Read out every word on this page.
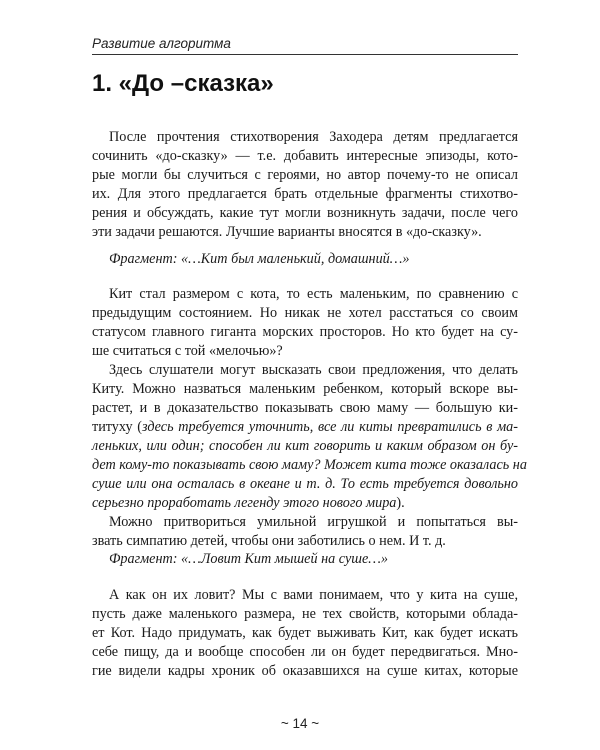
Развитие алгоритма
1. «До –сказка»
После прочтения стихотворения Заходера детям предлагается
сочинить «до-сказку» — т.е. добавить интересные эпизоды, кото-
рые могли бы случиться с героями, но автор почему-то не описал
их. Для этого предлагается брать отдельные фрагменты стихотво-
рения и обсуждать, какие тут могли возникнуть задачи, после чего
эти задачи решаются. Лучшие варианты вносятся в «до-сказку».
Фрагмент: «…Кит был маленький, домашний…»
Кит стал размером с кота, то есть маленьким, по сравнению с
предыдущим состоянием. Но никак не хотел расстаться со своим
статусом главного гиганта морских просторов. Но кто будет на су-
ше считаться с той «мелочью»?
Здесь слушатели могут высказать свои предложения, что делать
Киту. Можно назваться маленьким ребенком, который вскоре вы-
растет, и в доказательство показывать свою маму — большую ки-
титуху (здесь требуется уточнить, все ли киты превратились в ма-
леньких, или один; способен ли кит говорить и каким образом он бу-
дет кому-то показывать свою маму? Может кита тоже оказалась на
суше или она осталась в океане и т. д. То есть требуется довольно
серьезно проработать легенду этого нового мира).
Можно притвориться умильной игрушкой и попытаться вы-
звать симпатию детей, чтобы они заботились о нем. И т. д.
Фрагмент: «…Ловит Кит мышей на суше…»
А как он их ловит? Мы с вами понимаем, что у кита на суше,
пусть даже маленького размера, не тех свойств, которыми облада-
ет Кот. Надо придумать, как будет выживать Кит, как будет искать
себе пищу, да и вообще способен ли он будет передвигаться. Мно-
гие видели кадры хроник об оказавшихся на суше китах, которые
~ 14 ~
